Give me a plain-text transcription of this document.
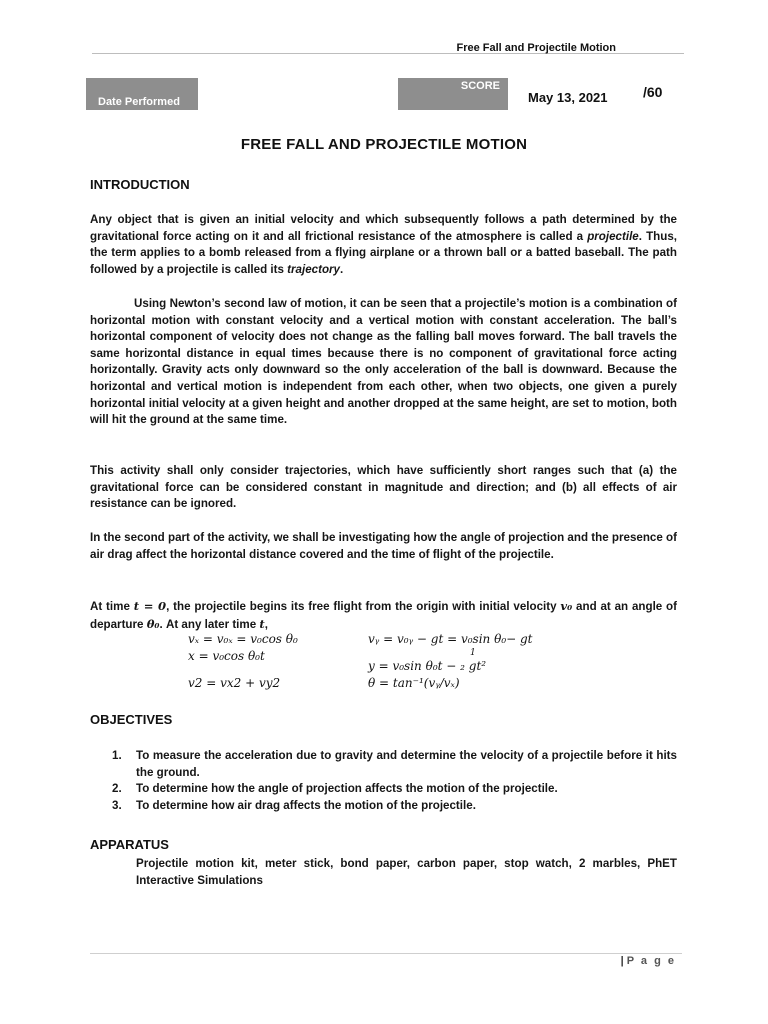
Free Fall and Projectile Motion
Date Performed
SCORE
May 13, 2021	/60
FREE FALL AND PROJECTILE MOTION
INTRODUCTION
Any object that is given an initial velocity and which subsequently follows a path determined by the gravitational force acting on it and all frictional resistance of the atmosphere is called a projectile. Thus, the term applies to a bomb released from a flying airplane or a thrown ball or a batted baseball. The path followed by a projectile is called its trajectory.
Using Newton’s second law of motion, it can be seen that a projectile’s motion is a combination of horizontal motion with constant velocity and a vertical motion with constant acceleration. The ball’s horizontal component of velocity does not change as the falling ball moves forward. The ball travels the same horizontal distance in equal times because there is no component of gravitational force acting horizontally. Gravity acts only downward so the only acceleration of the ball is downward. Because the horizontal and vertical motion is independent from each other, when two objects, one given a purely horizontal initial velocity at a given height and another dropped at the same height, are set to motion, both will hit the ground at the same time.
This activity shall only consider trajectories, which have sufficiently short ranges such that (a) the gravitational force can be considered constant in magnitude and direction; and (b) all effects of air resistance can be ignored.
In the second part of the activity, we shall be investigating how the angle of projection and the presence of air drag affect the horizontal distance covered and the time of flight of the projectile.
At time t = 0, the projectile begins its free flight from the origin with initial velocity v₀ and at an angle of departure θ₀. At any later time t,
vₓ = v₀ₓ = v₀cos θ₀	vᵧ = v₀ᵧ − gt = v₀sin θ₀− gt
x = v₀cos θ₀t	1
y = v₀sin θ₀t − ₂ gt²
v2 = vx2 + vy2	θ = tan⁻¹(vᵧ/vₓ)
OBJECTIVES
1. To measure the acceleration due to gravity and determine the velocity of a projectile before it hits the ground.
2. To determine how the angle of projection affects the motion of the projectile.
3. To determine how air drag affects the motion of the projectile.
APPARATUS
Projectile motion kit, meter stick, bond paper, carbon paper, stop watch, 2 marbles, PhET Interactive Simulations
| P a g e
